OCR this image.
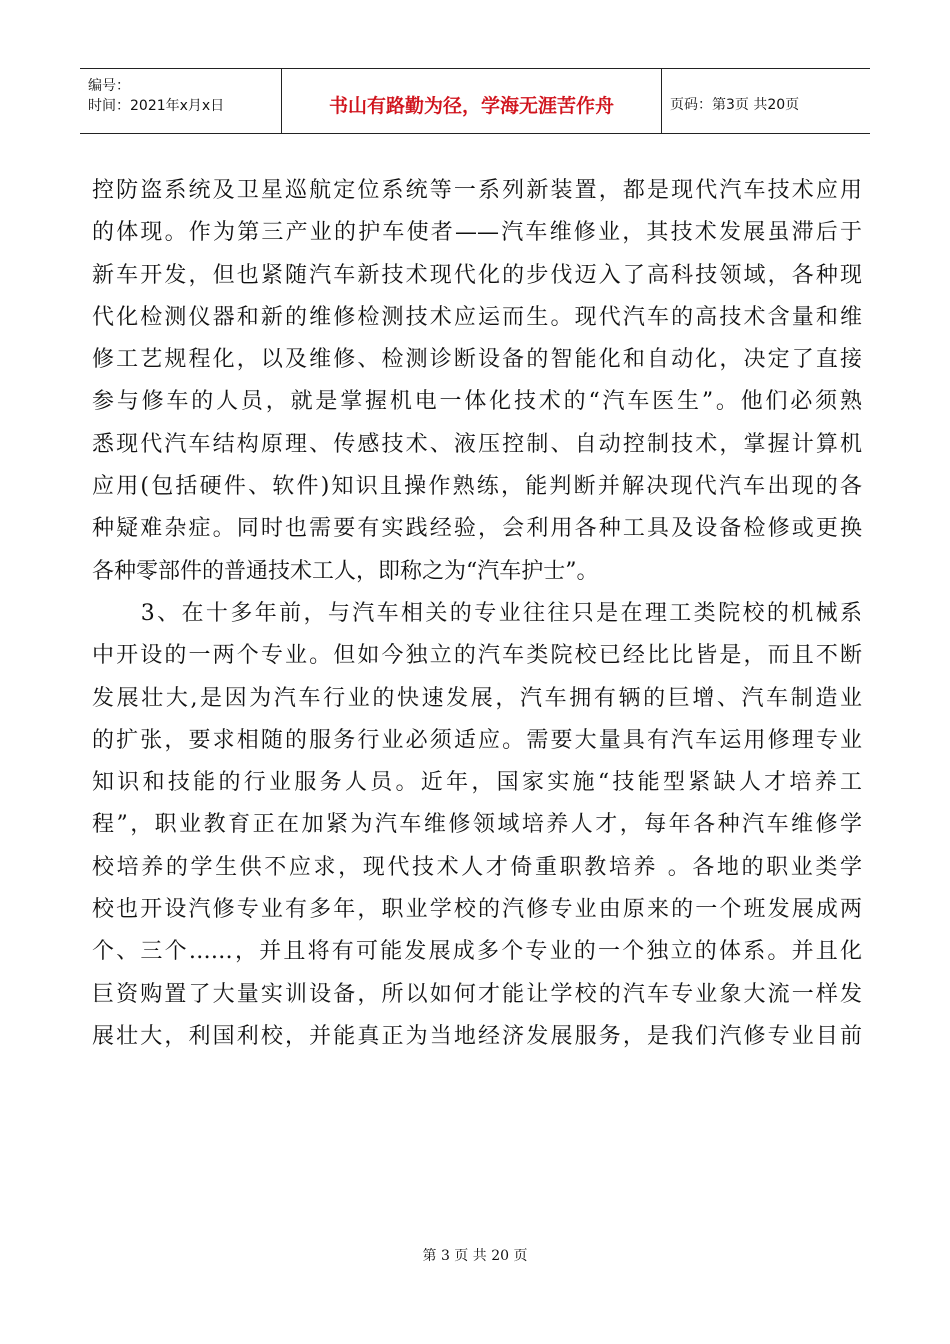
编号：
时间：2021年x月x日	书山有路勤为径，学海无涯苦作舟	页码：第3页 共20页
控防盗系统及卫星巡航定位系统等一系列新装置，都是现代汽车技术应用
的体现。作为第三产业的护车使者——汽车维修业，其技术发展虽滞后于
新车开发，但也紧随汽车新技术现代化的步伐迈入了高科技领域，各种现
代化检测仪器和新的维修检测技术应运而生。现代汽车的高技术含量和维
修工艺规程化，以及维修、检测诊断设备的智能化和自动化，决定了直接
参与修车的人员，就是掌握机电一体化技术的“汽车医生”。他们必须熟
悉现代汽车结构原理、传感技术、液压控制、自动控制技术，掌握计算机
应用(包括硬件、软件)知识且操作熟练，能判断并解决现代汽车出现的各
种疑难杂症。同时也需要有实践经验，会利用各种工具及设备检修或更换
各种零部件的普通技术工人，即称之为“汽车护士”。
　　3、在十多年前，与汽车相关的专业往往只是在理工类院校的机械系
中开设的一两个专业。但如今独立的汽车类院校已经比比皆是，而且不断
发展壮大,是因为汽车行业的快速发展，汽车拥有辆的巨增、汽车制造业
的扩张，要求相随的服务行业必须适应。需要大量具有汽车运用修理专业
知识和技能的行业服务人员。近年，国家实施“技能型紧缺人才培养工
程”，职业教育正在加紧为汽车维修领域培养人才，每年各种汽车维修学
校培养的学生供不应求，现代技术人才倚重职教培养 。各地的职业类学
校也开设汽修专业有多年，职业学校的汽修专业由原来的一个班发展成两
个、三个……，并且将有可能发展成多个专业的一个独立的体系。并且化
巨资购置了大量实训设备，所以如何才能让学校的汽车专业象大流一样发
展壮大，利国利校，并能真正为当地经济发展服务，是我们汽修专业目前
第 3 页 共 20 页
